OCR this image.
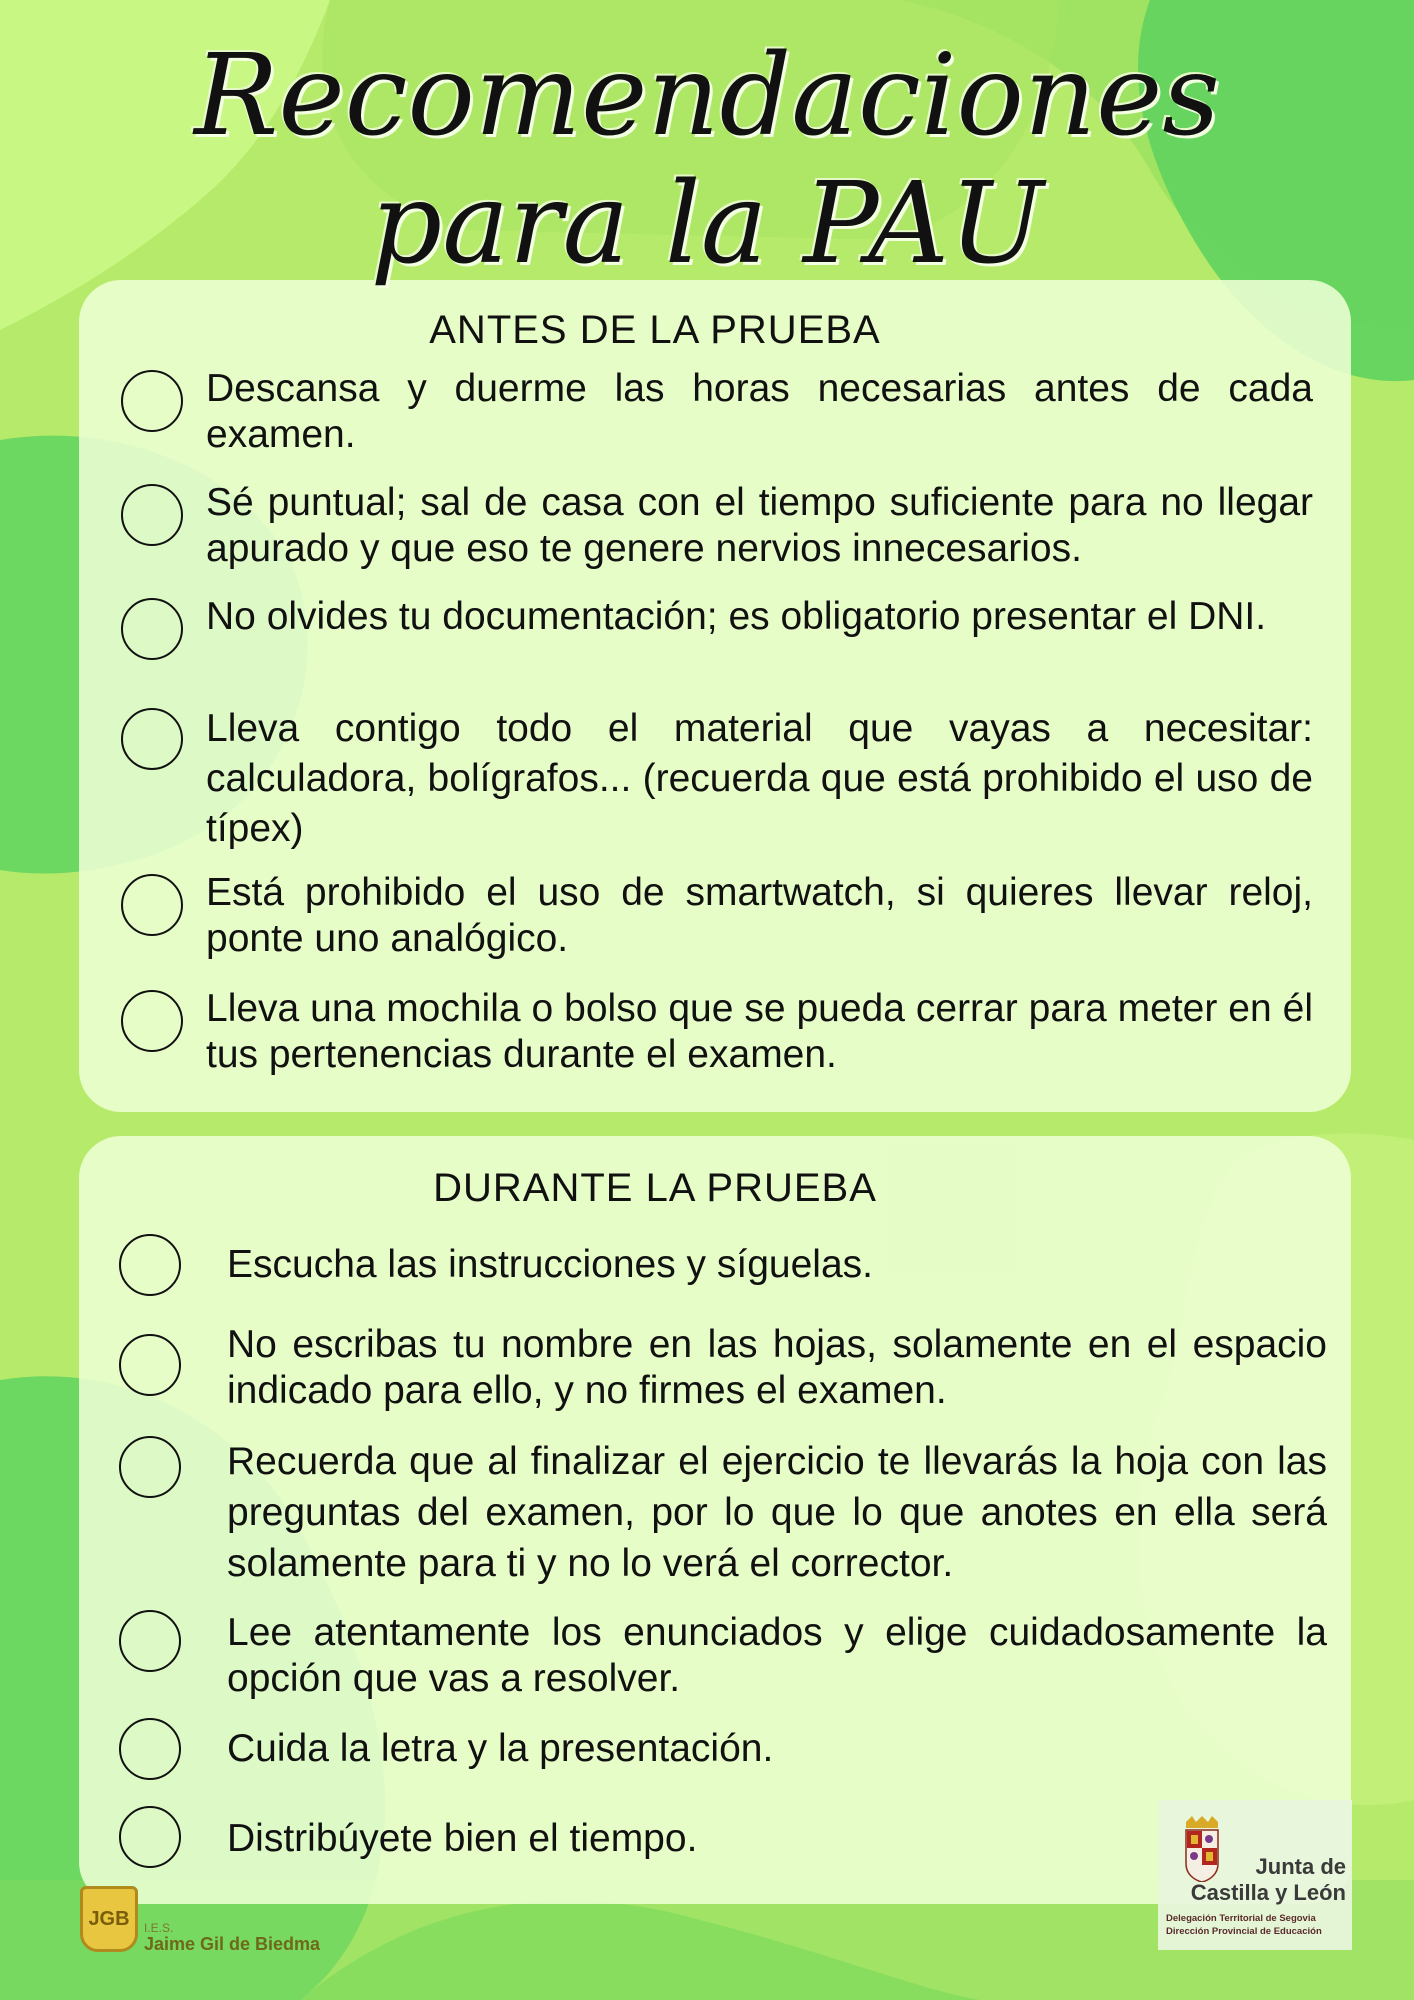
Recomendaciones
para la PAU
ANTES DE LA PRUEBA

Descansa y duerme las horas necesarias antes de cada examen.

Sé puntual; sal de casa con el tiempo suficiente para no llegar apurado y que eso te genere nervios innecesarios.

No olvides tu documentación; es obligatorio presentar el DNI.

Lleva contigo todo el material que vayas a necesitar: calculadora, bolígrafos... (recuerda que está prohibido el uso de típex)

Está prohibido el uso de smartwatch, si quieres llevar reloj, ponte uno analógico.

Lleva una mochila o bolso que se pueda cerrar para meter en él tus pertenencias durante el examen.

DURANTE LA PRUEBA

Escucha las instrucciones y síguelas.

No escribas tu nombre en las hojas, solamente en el espacio indicado para ello, y no firmes el examen.

Recuerda que al finalizar el ejercicio te llevarás la hoja con las preguntas del examen, por lo que lo que anotes en ella será solamente para ti y no lo verá el corrector.

Lee atentamente los enunciados y elige cuidadosamente la opción que vas a resolver.

Cuida la letra y la presentación.

Distribúyete bien el tiempo.

JGB	I.E.S.
Jaime Gil de Biedma
Junta de
Castilla y León
Delegación Territorial de Segovia
Dirección Provincial de Educación
